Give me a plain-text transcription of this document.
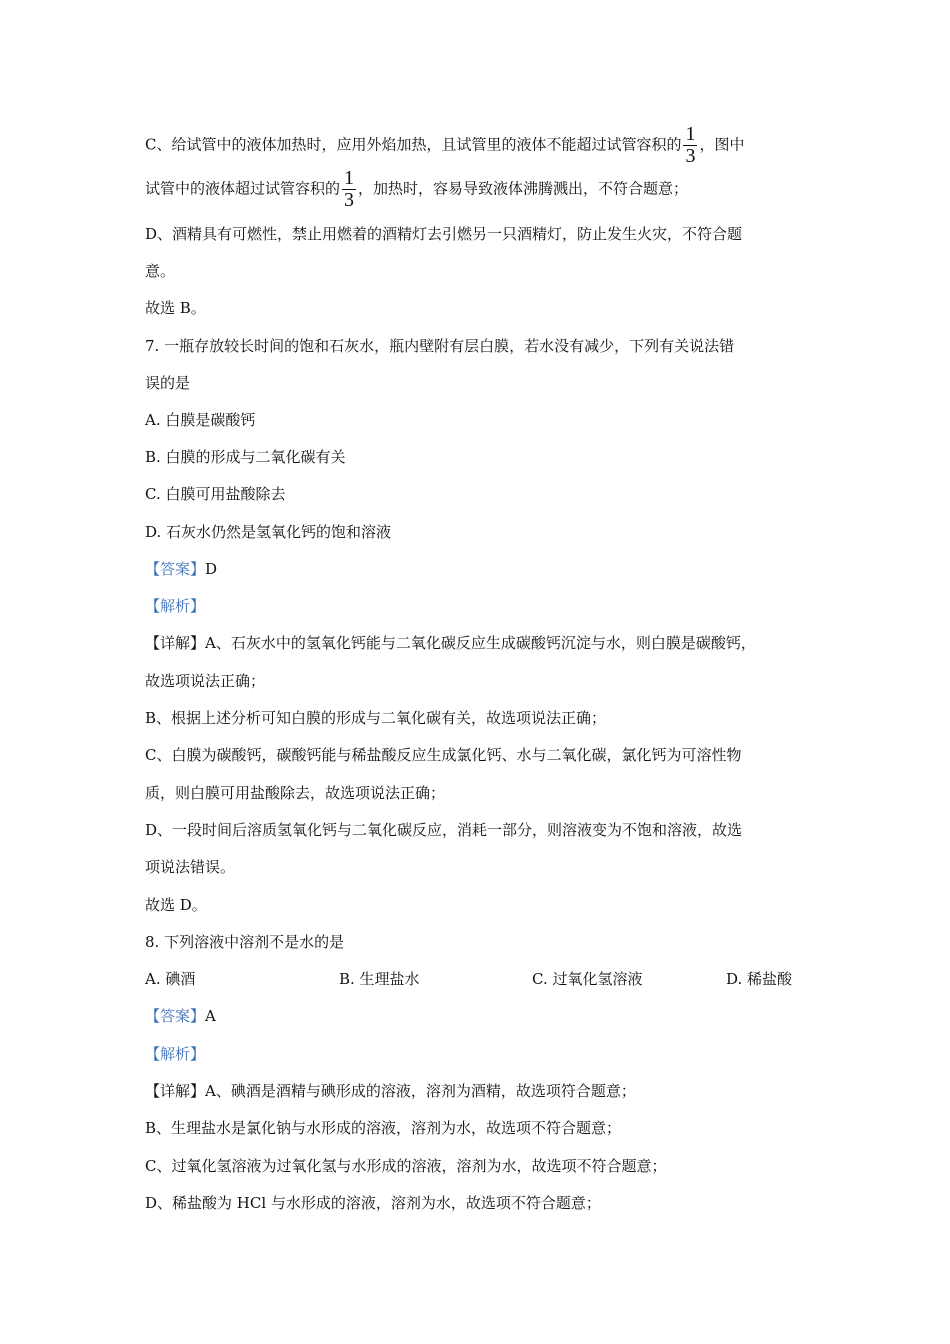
C、给试管中的液体加热时，应用外焰加热，且试管里的液体不能超过试管容积的 $\frac{1}{3}$ ，图中
试管中的液体超过试管容积的 $\frac{1}{3}$ ，加热时，容易导致液体沸腾溅出，不符合题意；
D、酒精具有可燃性，禁止用燃着的酒精灯去引燃另一只酒精灯，防止发生火灾，不符合题
意。
故选 B。
7. 一瓶存放较长时间的饱和石灰水，瓶内壁附有层白膜，若水没有减少，下列有关说法错
误的是
A. 白膜是碳酸钙
B. 白膜的形成与二氧化碳有关
C. 白膜可用盐酸除去
D. 石灰水仍然是氢氧化钙的饱和溶液
【答案】D
【解析】
【详解】A、石灰水中的氢氧化钙能与二氧化碳反应生成碳酸钙沉淀与水，则白膜是碳酸钙，
故选项说法正确；
B、根据上述分析可知白膜的形成与二氧化碳有关，故选项说法正确；
C、白膜为碳酸钙，碳酸钙能与稀盐酸反应生成氯化钙、水与二氧化碳，氯化钙为可溶性物
质，则白膜可用盐酸除去，故选项说法正确；
D、一段时间后溶质氢氧化钙与二氧化碳反应，消耗一部分，则溶液变为不饱和溶液，故选
项说法错误。
故选 D。
8. 下列溶液中溶剂不是水的是
A. 碘酒	B. 生理盐水	C. 过氧化氢溶液	D. 稀盐酸
【答案】A
【解析】
【详解】A、碘酒是酒精与碘形成的溶液，溶剂为酒精，故选项符合题意；
B、生理盐水是氯化钠与水形成的溶液，溶剂为水，故选项不符合题意；
C、过氧化氢溶液为过氧化氢与水形成的溶液，溶剂为水，故选项不符合题意；
D、稀盐酸为 HCl 与水形成的溶液，溶剂为水，故选项不符合题意；
